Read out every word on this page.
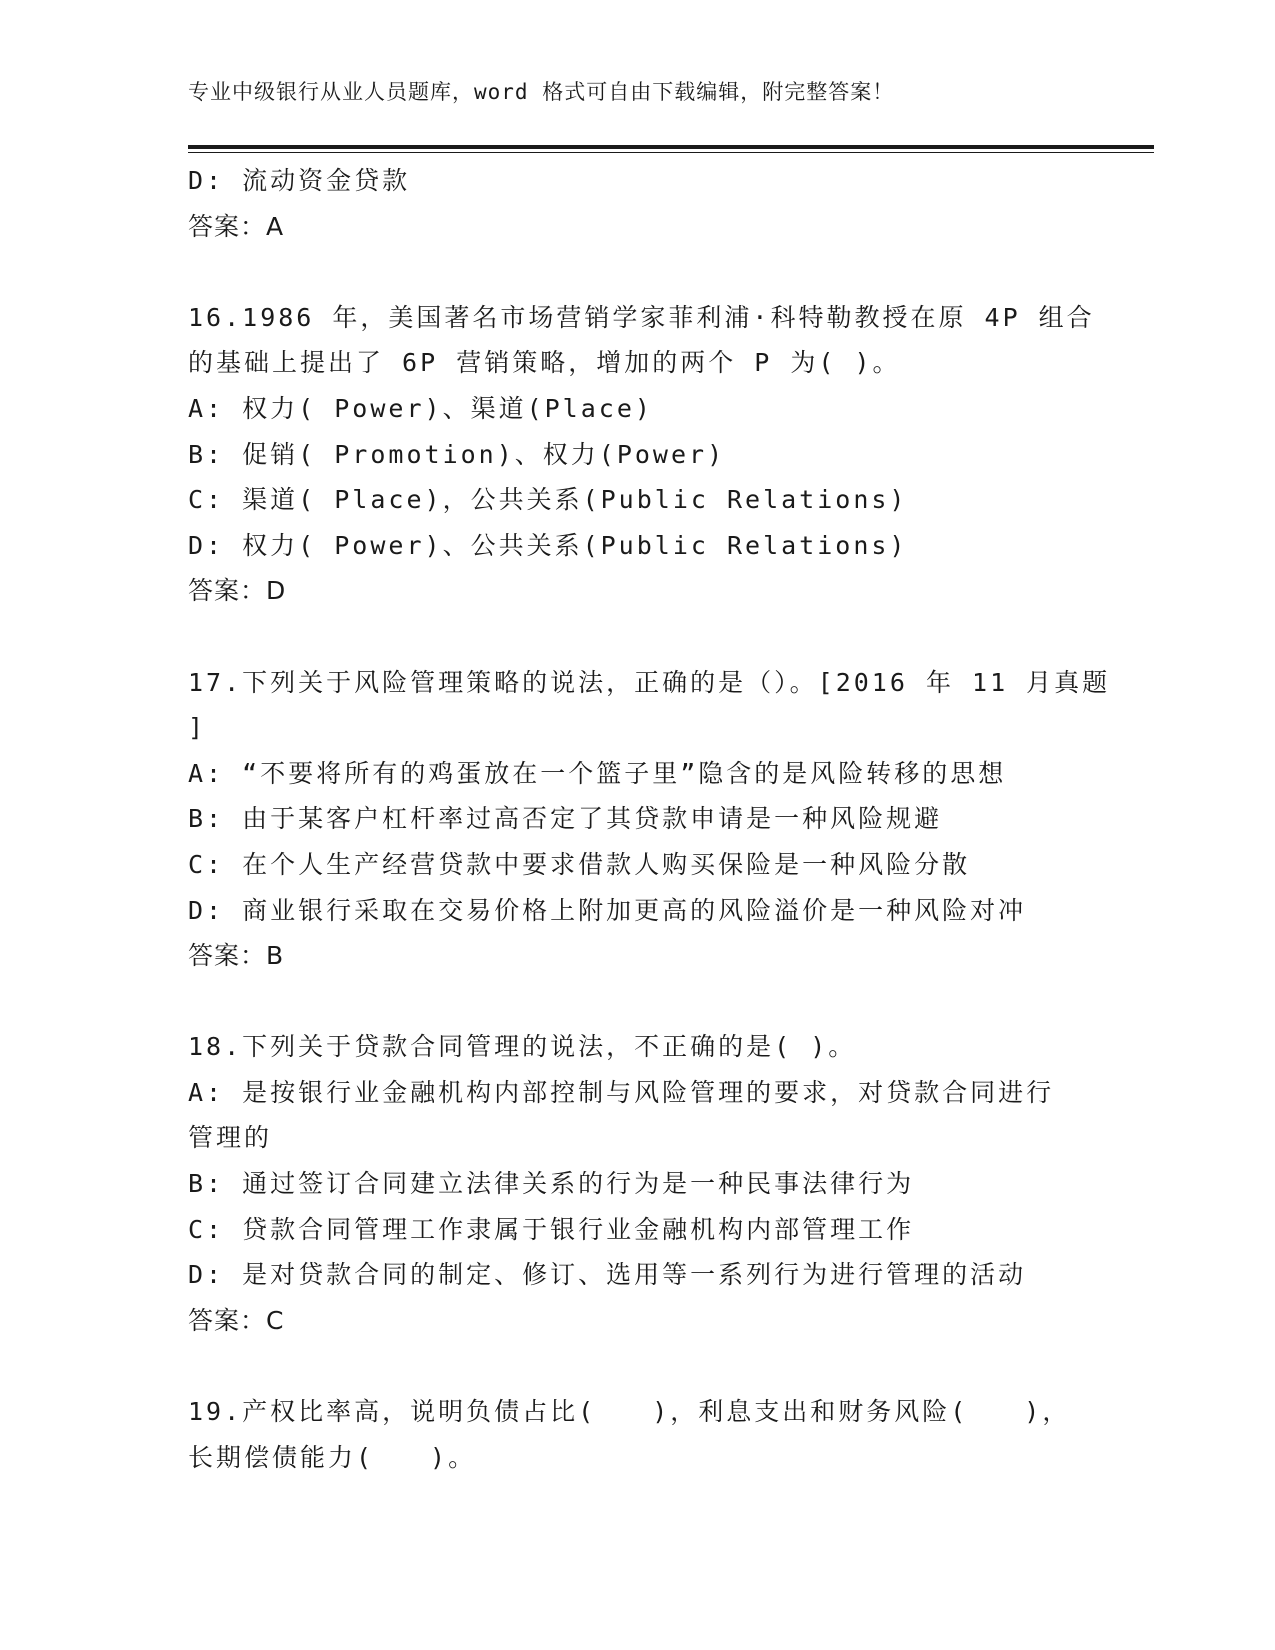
专业中级银行从业人员题库，word 格式可自由下载编辑，附完整答案！
D: 流动资金贷款
答案：A
16.1986 年，美国著名市场营销学家菲利浦·科特勒教授在原 4P 组合
的基础上提出了 6P 营销策略，增加的两个 P 为( )。
A: 权力( Power)、渠道(Place)
B: 促销( Promotion)、权力(Power)
C: 渠道( Place)，公共关系(Public Relations)
D: 权力( Power)、公共关系(Public Relations)
答案：D
17.下列关于风险管理策略的说法，正确的是（）。[2016 年 11 月真题
]
A: “不要将所有的鸡蛋放在一个篮子里”隐含的是风险转移的思想
B: 由于某客户杠杆率过高否定了其贷款申请是一种风险规避
C: 在个人生产经营贷款中要求借款人购买保险是一种风险分散
D: 商业银行采取在交易价格上附加更高的风险溢价是一种风险对冲
答案：B
18.下列关于贷款合同管理的说法，不正确的是( )。
A: 是按银行业金融机构内部控制与风险管理的要求，对贷款合同进行
管理的
B: 通过签订合同建立法律关系的行为是一种民事法律行为
C: 贷款合同管理工作隶属于银行业金融机构内部管理工作
D: 是对贷款合同的制定、修订、选用等一系列行为进行管理的活动
答案：C
19.产权比率高，说明负债占比(　　)，利息支出和财务风险(　　)，
长期偿债能力(　　)。
